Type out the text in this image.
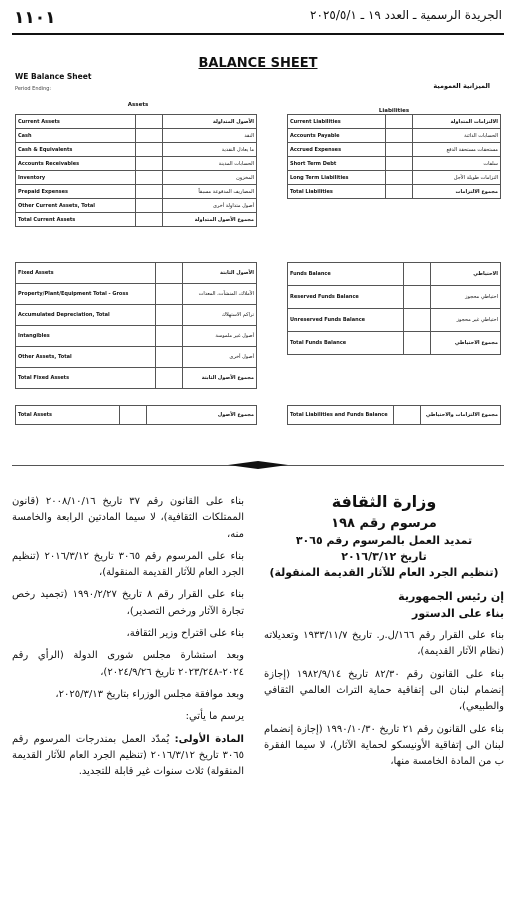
١١٠١	الجريدة الرسمية ـ العدد ١٩ ـ ٢٠٢٥/٥/١
BALANCE SHEET
WE Balance Sheet
Period Ending:	الميزانية العمومية
Assets
Liabilities
Current Assets		الأصول المتداولة
Cash		النقد
Cash & Equivalents		ما يعادل النقدية
Accounts Receivables		الحسابات المدينة
Inventory		المخزون
Prepaid Expenses		المصاريف المدفوعة مسبقاً
Other Current Assets, Total		أصول متداولة أخرى
Total Current Assets		مجموع الأصول المتداولة
Current Liabilities		الالتزامات المتداولة
Accounts Payable		الحسابات الدائنة
Accrued Expenses		مستحقات مستحقة الدفع
Short Term Debt		سلفات
Long Term Liabilities		التزامات طويلة الأجل
Total Liabilities		مجموع الالتزامات
Fixed Assets		الأصول الثابتة
Property/Plant/Equipment Total - Gross		الأملاك، المنشآت، المعدات
Accumulated Depreciation, Total		تراكم الاستهلاك
Intangibles		أصول غير ملموسة
Other Assets, Total		أصول أخرى
Total Fixed Assets		مجموع الأصول الثابتة
Funds Balance		الاحتياطي
Reserved Funds Balance		احتياطي محجوز
Unreserved Funds Balance		احتياطي غير محجوز
Total Funds Balance		مجموع الاحتياطي
Total Assets		مجموع الأصول	Total Liabilities and Funds Balance		مجموع الالتزامات والاحتياطي

وزارة الثقافة

مرسوم رقم ١٩٨

تمديد العمل بالمرسوم رقم ٣٠٦٥

تاريخ ٢٠١٦/٣/١٢

(تنظيم الجرد العام للآثار القديمة المنقولة)

إن رئيس الجمهورية

بناء على الدستور

بناء على القرار رقم ١٦٦/ل.ر. تاريخ ١٩٣٣/١١/٧ وتعديلاته (نظام الآثار القديمة)،

بناء على القانون رقم ٨٢/٣٠ تاريخ ١٩٨٢/٩/١٤ (إجازة إنضمام لبنان الى إتفاقية حماية التراث العالمي الثقافي والطبيعي)،

بناء على القانون رقم ٢١ تاريخ ١٩٩٠/١٠/٣٠ (إجازة إنضمام لبنان الى إتفاقية الأونيسكو لحماية الآثار)، لا سيما الفقرة ب من المادة الخامسة منها،

بناء على القانون رقم ٣٧ تاريخ ٢٠٠٨/١٠/١٦ (قانون الممتلكات الثقافية)، لا سيما المادتين الرابعة والخامسة منه،

بناء على المرسوم رقم ٣٠٦٥ تاريخ ٢٠١٦/٣/١٢ (تنظيم الجرد العام للآثار القديمة المنقولة)،

بناء على القرار رقم ٨ تاريخ ١٩٩٠/٢/٢٧ (تجميد رخص تجارة الآثار ورخص التصدير)،

بناء على اقتراح وزير الثقافة،

وبعد استشارة مجلس شورى الدولة (الرأي رقم ٢٠٢٤-٢٠٢٣/٢٤٨ تاريخ ٢٠٢٤/٩/٢٦)،

وبعد موافقة مجلس الوزراء بتاريخ ٢٠٢٥/٣/١٣،

يرسم ما يأتي:

المادة الأولى: يُمدّد العمل بمندرجات المرسوم رقم ٣٠٦٥ تاريخ ٢٠١٦/٣/١٢ (تنظيم الجرد العام للآثار القديمة المنقولة) ثلاث سنوات غير قابلة للتجديد.
